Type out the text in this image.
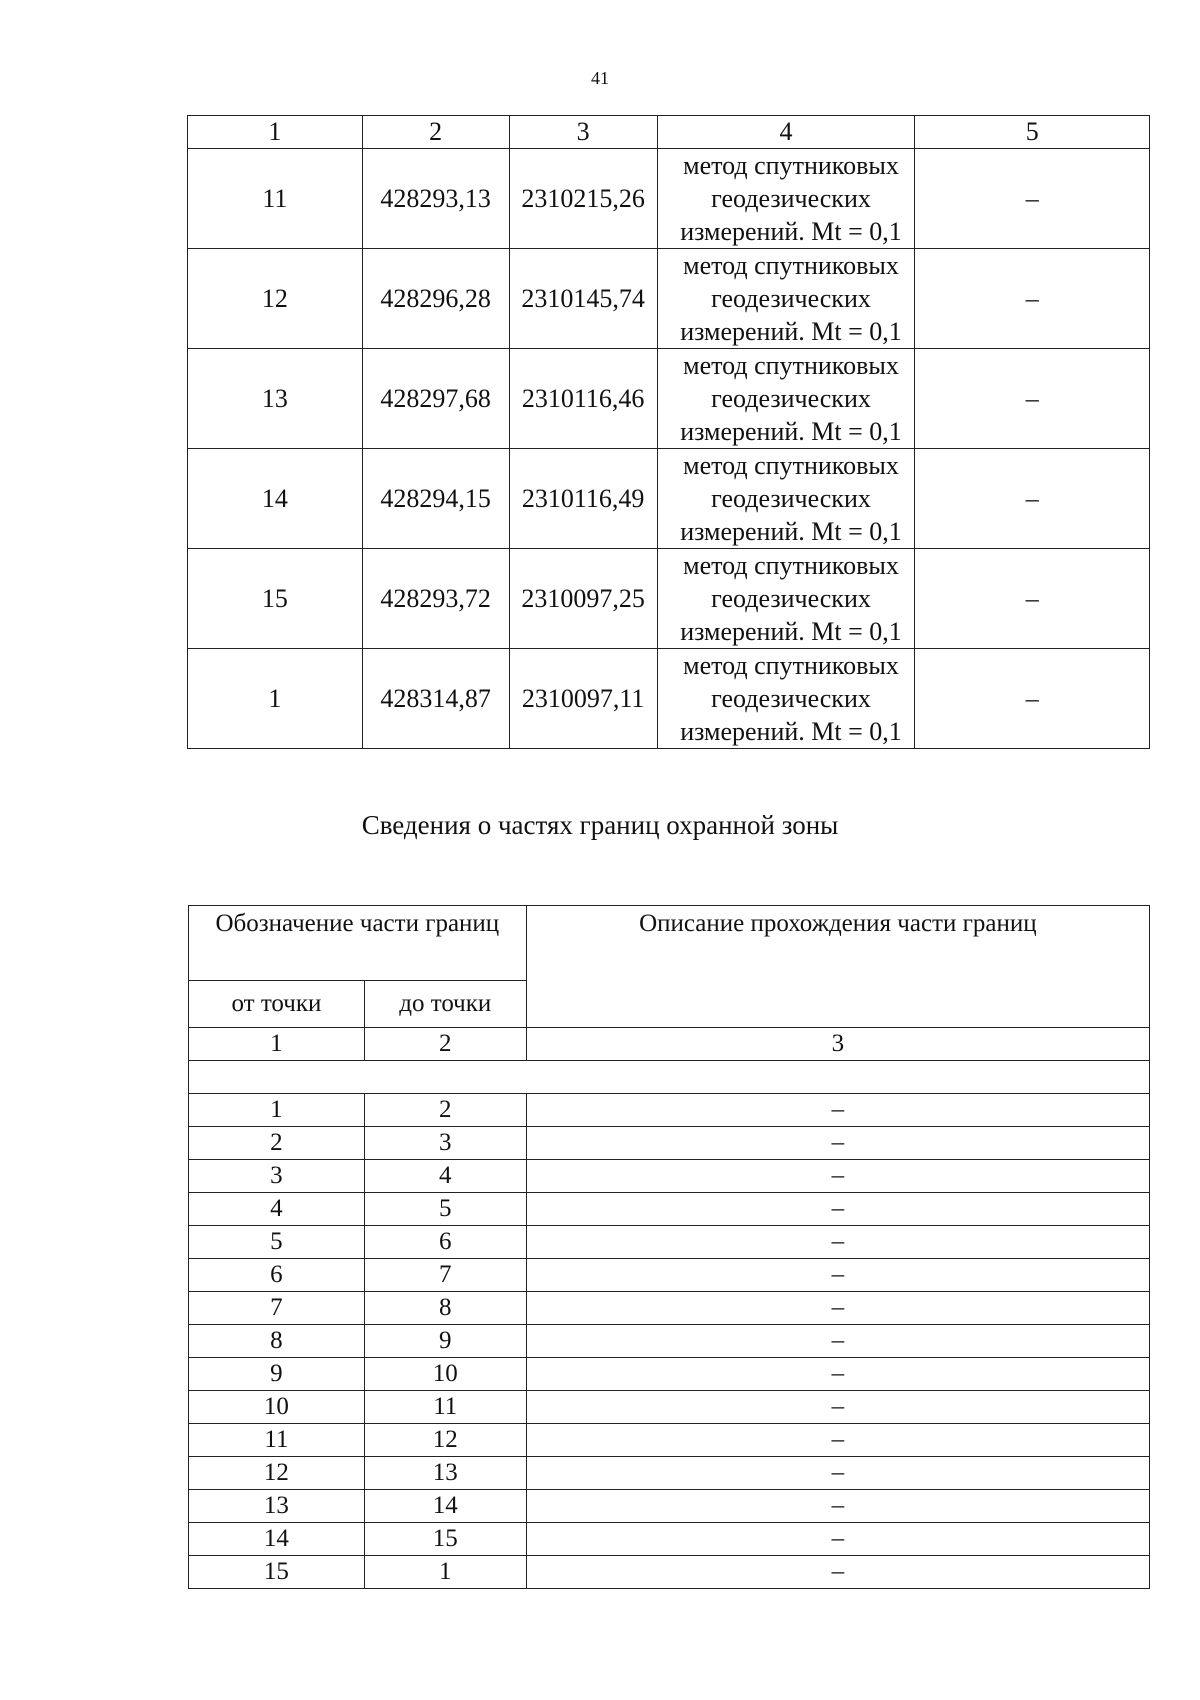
41
1	2	3	4	5
11	428293,13	2310215,26	метод спутниковых
геодезических
измерений. Mt = 0,1	–
12	428296,28	2310145,74	метод спутниковых
геодезических
измерений. Mt = 0,1	–
13	428297,68	2310116,46	метод спутниковых
геодезических
измерений. Mt = 0,1	–
14	428294,15	2310116,49	метод спутниковых
геодезических
измерений. Mt = 0,1	–
15	428293,72	2310097,25	метод спутниковых
геодезических
измерений. Mt = 0,1	–
1	428314,87	2310097,11	метод спутниковых
геодезических
измерений. Mt = 0,1	–
Сведения о частях границ охранной зоны
Обозначение части границ		Описание прохождения части границ
от точки	до точки	
1	2	3

1	2	–
2	3	–
3	4	–
4	5	–
5	6	–
6	7	–
7	8	–
8	9	–
9	10	–
10	11	–
11	12	–
12	13	–
13	14	–
14	15	–
15	1	–
